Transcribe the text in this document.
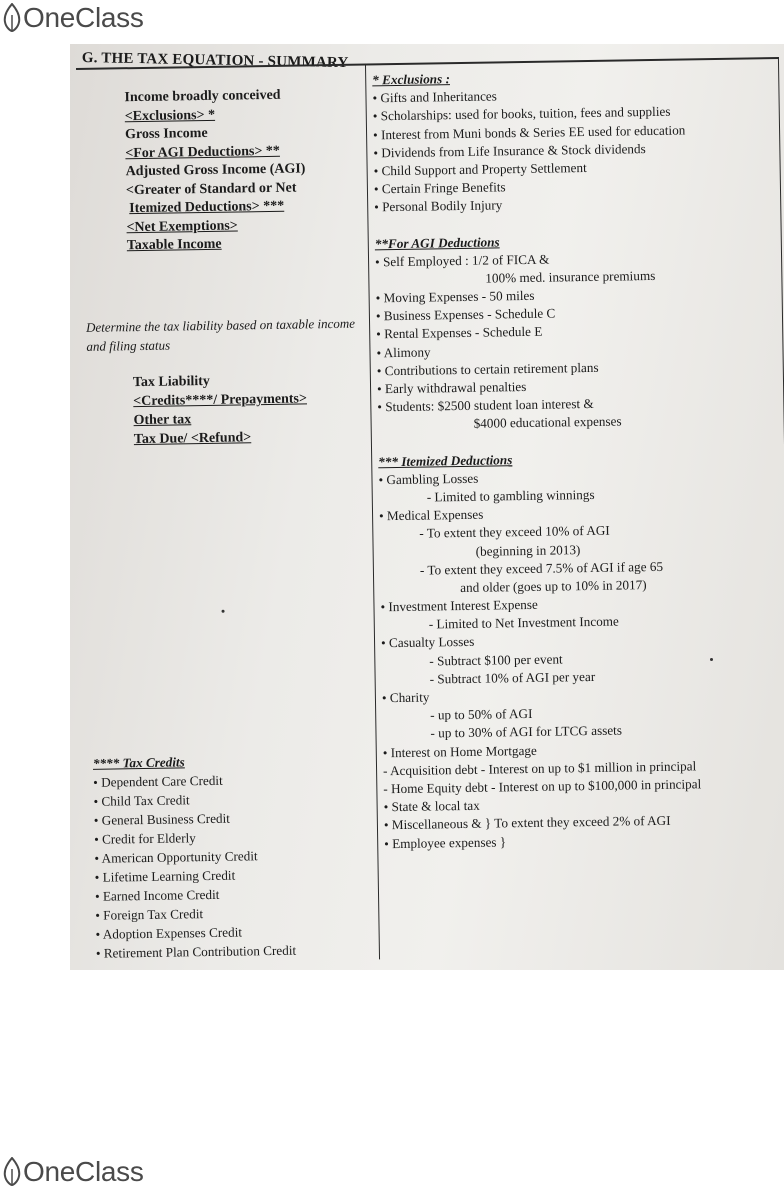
OneClass
G. THE TAX EQUATION - SUMMARY
Income broadly conceived
<Exclusions> *
Gross Income
<For AGI Deductions> **
Adjusted Gross Income (AGI)
<Greater of Standard or Net
Itemized Deductions> ***
<Net Exemptions>
Taxable Income
Determine the tax liability based on taxable income and filing status
Tax Liability
<Credits****/ Prepayments>
Other tax
Tax Due/ <Refund>
**** Tax Credits
• Dependent Care Credit
• Child Tax Credit
• General Business Credit
• Credit for Elderly
• American Opportunity Credit
• Lifetime Learning Credit
• Earned Income Credit
• Foreign Tax Credit
• Adoption Expenses Credit
• Retirement Plan Contribution Credit
* Exclusions :
• Gifts and Inheritances
• Scholarships: used for books, tuition, fees and supplies
• Interest from Muni bonds & Series EE used for education
• Dividends from Life Insurance & Stock dividends
• Child Support and Property Settlement
• Certain Fringe Benefits
• Personal Bodily Injury
**For AGI Deductions
• Self Employed : 1/2 of FICA &
100% med. insurance premiums
• Moving Expenses - 50 miles
• Business Expenses - Schedule C
• Rental Expenses - Schedule E
• Alimony
• Contributions to certain retirement plans
• Early withdrawal penalties
• Students: $2500 student loan interest &
$4000 educational expenses
*** Itemized Deductions
• Gambling Losses
- Limited to gambling winnings
• Medical Expenses
- To extent they exceed 10% of AGI
(beginning in 2013)
- To extent they exceed 7.5% of AGI if age 65
and older (goes up to 10% in 2017)
• Investment Interest Expense
- Limited to Net Investment Income
• Casualty Losses
- Subtract $100 per event
- Subtract 10% of AGI per year
• Charity
- up to 50% of AGI
- up to 30% of AGI for LTCG assets
• Interest on Home Mortgage
- Acquisition debt - Interest on up to $1 million in principal
- Home Equity debt - Interest on up to $100,000 in principal
• State & local tax
• Miscellaneous & } To extent they exceed 2% of AGI
• Employee expenses }
OneClass
